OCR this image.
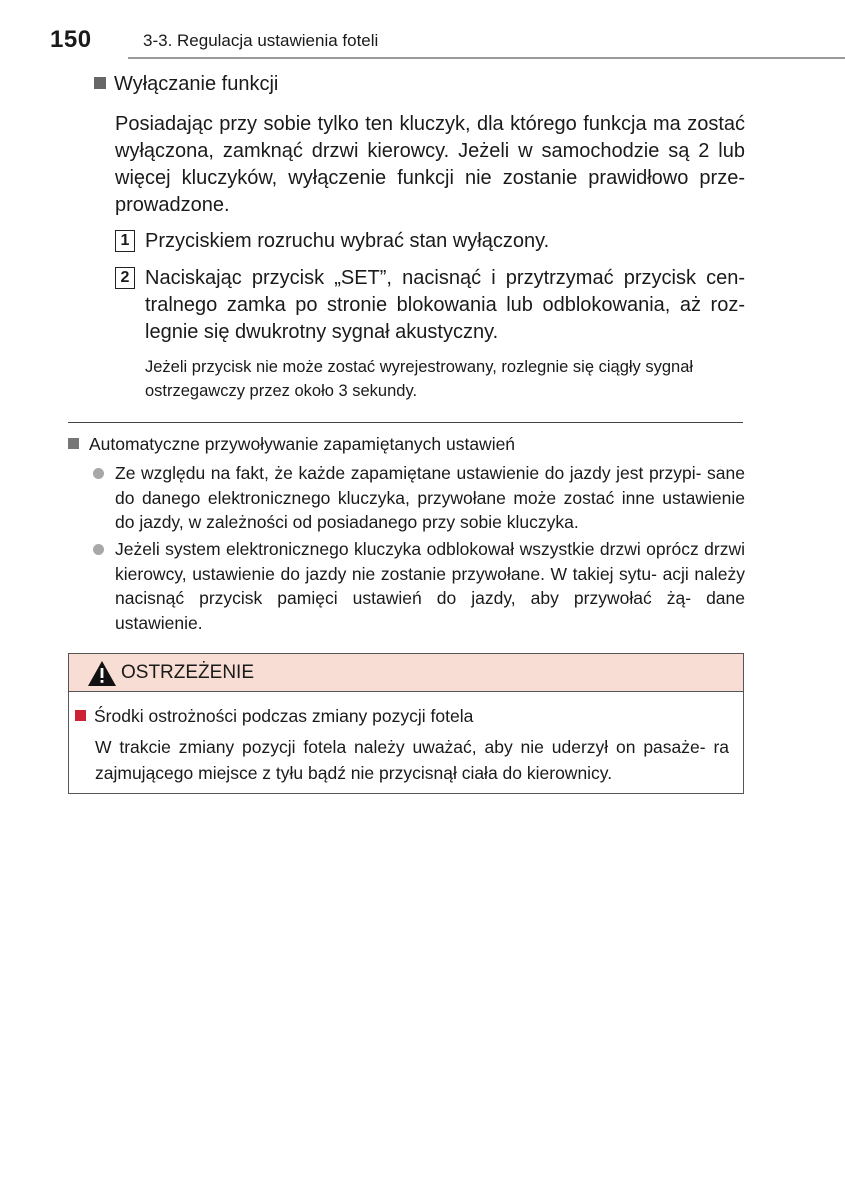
150	3-3. Regulacja ustawienia foteli
Wyłączanie funkcji

Posiadając przy sobie tylko ten kluczyk, dla którego funkcja ma zostać wyłączona, zamknąć drzwi kierowcy. Jeżeli w samochodzie są 2 lub więcej kluczyków, wyłączenie funkcji nie zostanie prawidłowo prze- prowadzone.

1 Przyciskiem rozruchu wybrać stan wyłączony.

2 Naciskając przycisk „SET”, nacisnąć i przytrzymać przycisk cen- tralnego zamka po stronie blokowania lub odblokowania, aż roz- legnie się dwukrotny sygnał akustyczny.

Jeżeli przycisk nie może zostać wyrejestrowany, rozlegnie się ciągły sygnał
ostrzegawczy przez około 3 sekundy.

Automatyczne przywoływanie zapamiętanych ustawień

Ze względu na fakt, że każde zapamiętane ustawienie do jazdy jest przypi- sane do danego elektronicznego kluczyka, przywołane może zostać inne ustawienie do jazdy, w zależności od posiadanego przy sobie kluczyka.

Jeżeli system elektronicznego kluczyka odblokował wszystkie drzwi oprócz drzwi kierowcy, ustawienie do jazdy nie zostanie przywołane. W takiej sytu- acji należy nacisnąć przycisk pamięci ustawień do jazdy, aby przywołać żą- dane ustawienie.

OSTRZEŻENIE
Środki ostrożności podczas zmiany pozycji fotela

W trakcie zmiany pozycji fotela należy uważać, aby nie uderzył on pasaże- ra zajmującego miejsce z tyłu bądź nie przycisnął ciała do kierownicy.
